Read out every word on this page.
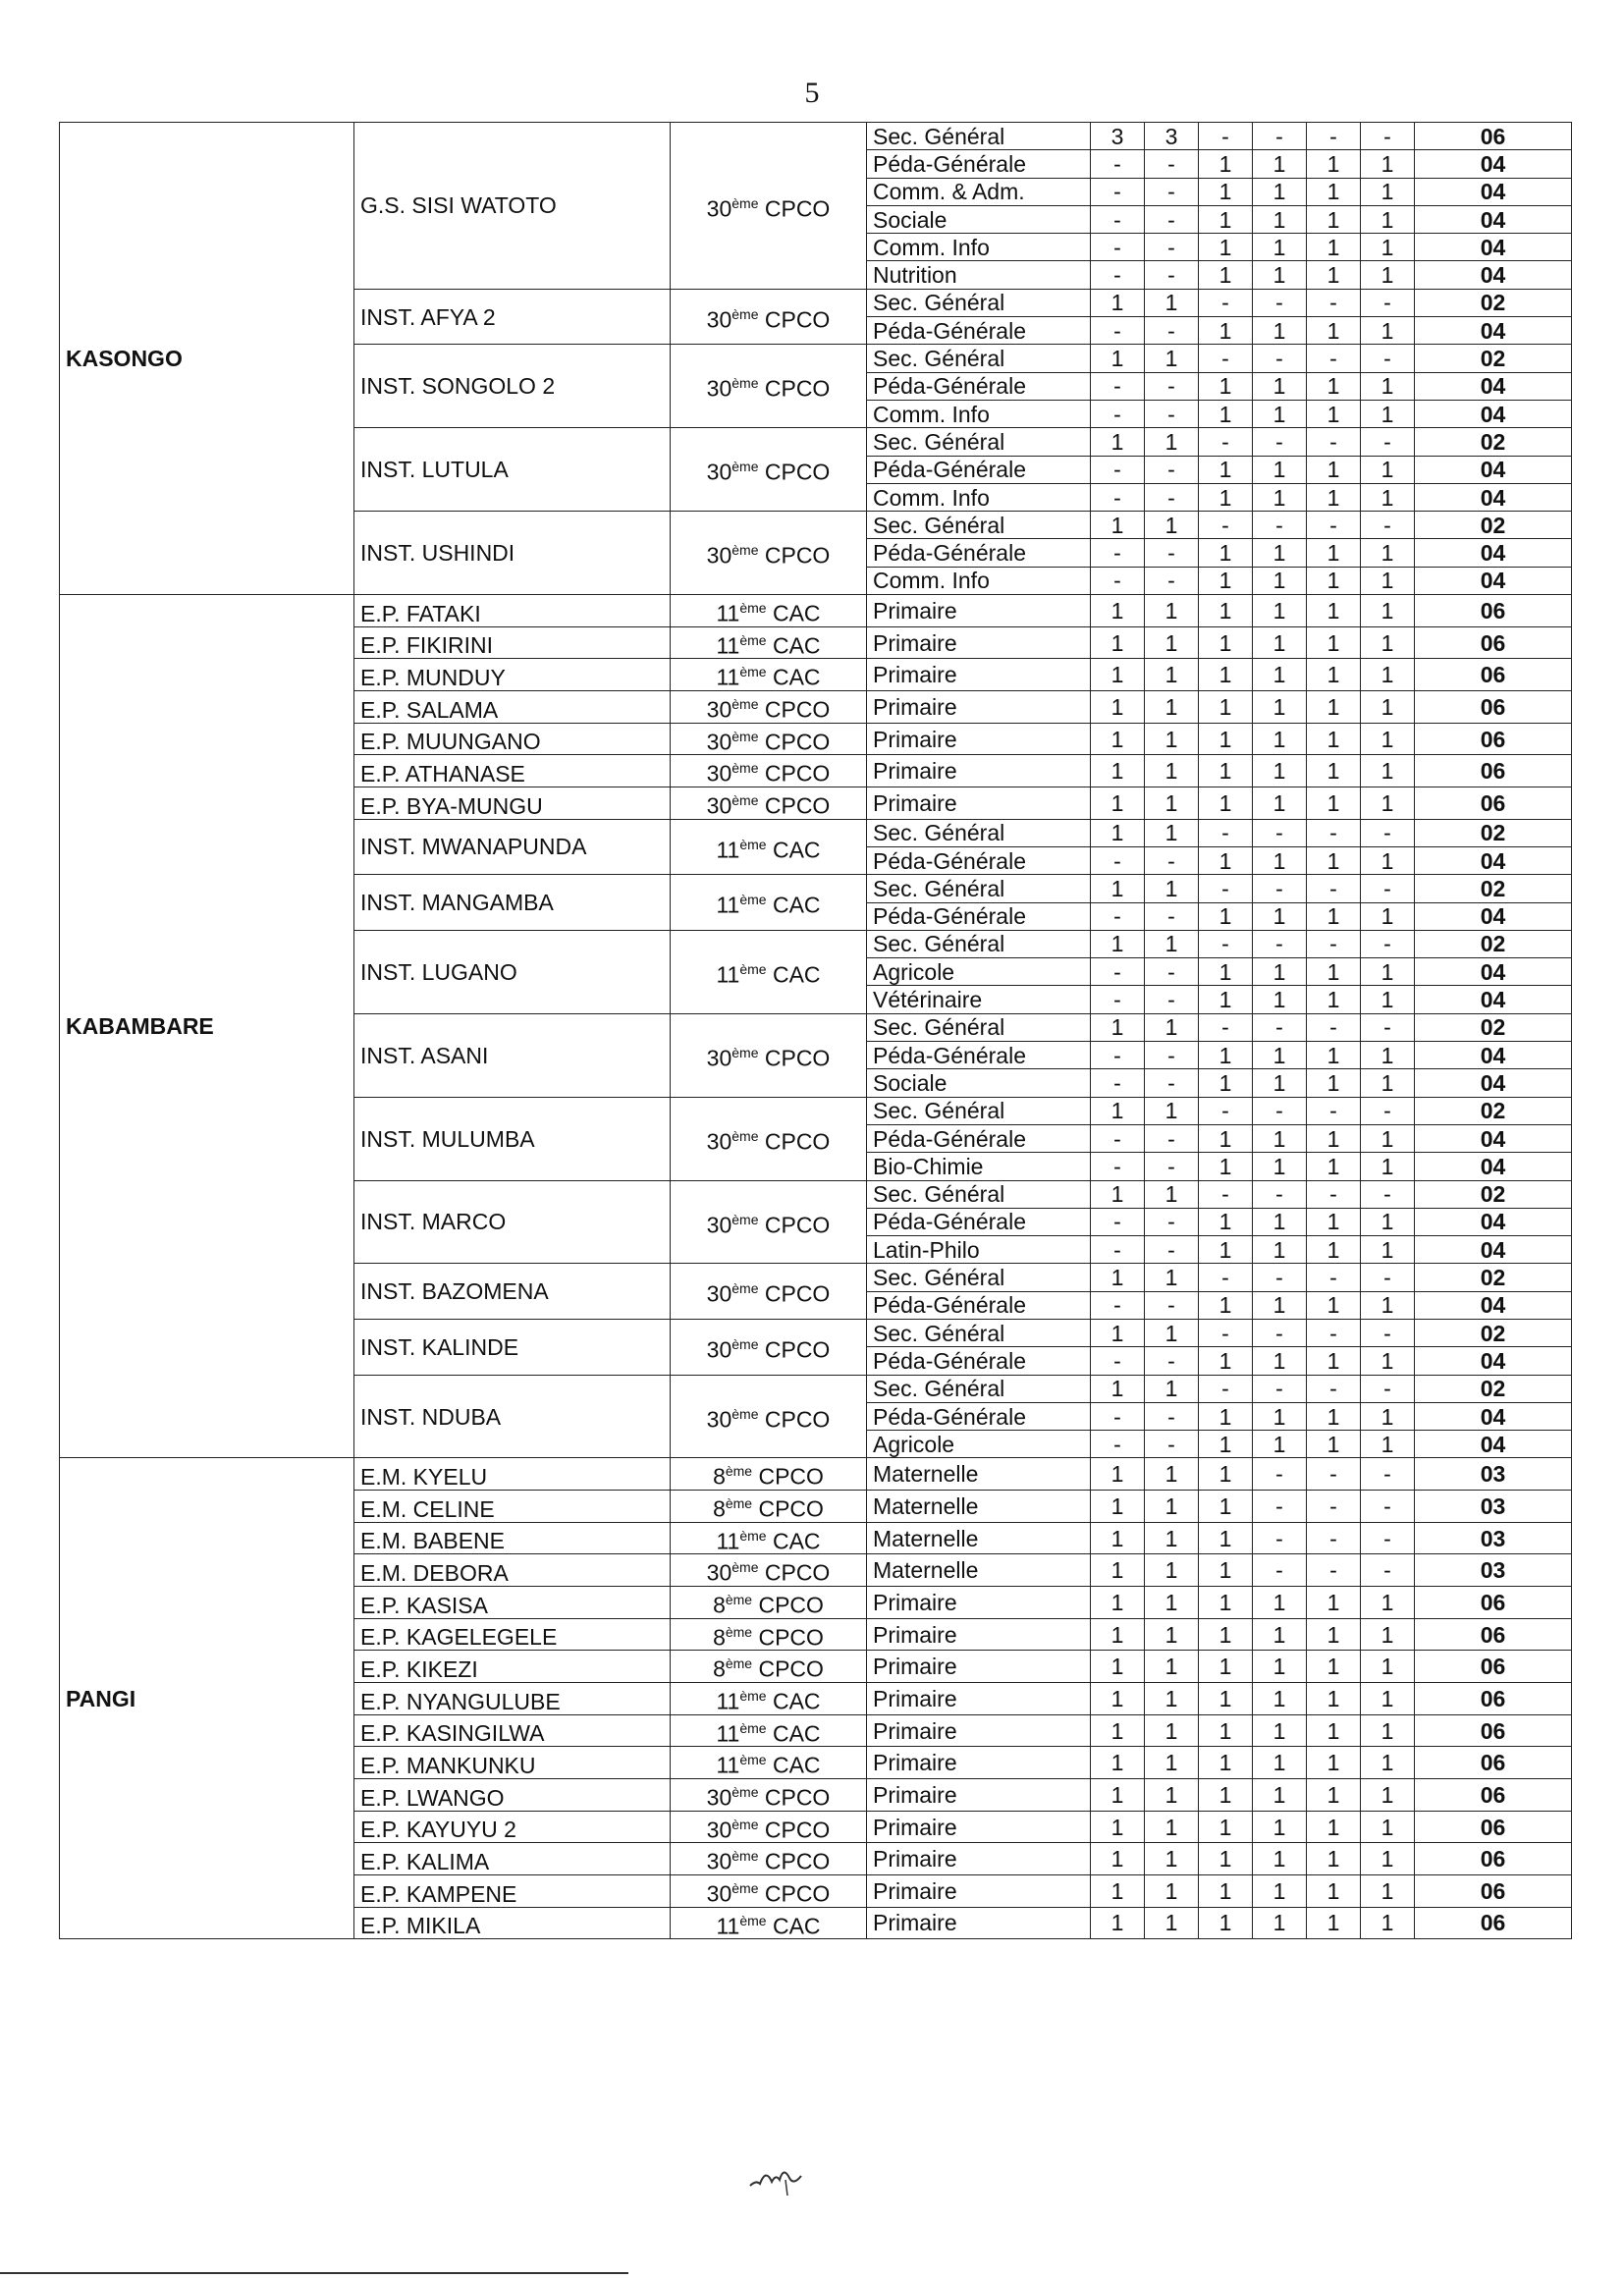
5
KASONGO	G.S. SISI WATOTO	30ème CPCO	Sec. Général	3	3	-	-	-	-	06
			Péda-Générale	-	-	1	1	1	1	04
			Comm. & Adm.	-	-	1	1	1	1	04
			Sociale	-	-	1	1	1	1	04
			Comm. Info	-	-	1	1	1	1	04
			Nutrition	-	-	1	1	1	1	04
	INST. AFYA 2	30ème CPCO	Sec. Général	1	1	-	-	-	-	02
			Péda-Générale	-	-	1	1	1	1	04
	INST. SONGOLO 2	30ème CPCO	Sec. Général	1	1	-	-	-	-	02
			Péda-Générale	-	-	1	1	1	1	04
			Comm. Info	-	-	1	1	1	1	04
	INST. LUTULA	30ème CPCO	Sec. Général	1	1	-	-	-	-	02
			Péda-Générale	-	-	1	1	1	1	04
			Comm. Info	-	-	1	1	1	1	04
	INST. USHINDI	30ème CPCO	Sec. Général	1	1	-	-	-	-	02
			Péda-Générale	-	-	1	1	1	1	04
			Comm. Info	-	-	1	1	1	1	04
KABAMBARE	E.P. FATAKI	11ème CAC	Primaire	1	1	1	1	1	1	06
	E.P. FIKIRINI	11ème CAC	Primaire	1	1	1	1	1	1	06
	E.P. MUNDUY	11ème CAC	Primaire	1	1	1	1	1	1	06
	E.P. SALAMA	30ème CPCO	Primaire	1	1	1	1	1	1	06
	E.P. MUUNGANO	30ème CPCO	Primaire	1	1	1	1	1	1	06
	E.P. ATHANASE	30ème CPCO	Primaire	1	1	1	1	1	1	06
	E.P. BYA-MUNGU	30ème CPCO	Primaire	1	1	1	1	1	1	06
	INST. MWANAPUNDA	11ème CAC	Sec. Général	1	1	-	-	-	-	02
			Péda-Générale	-	-	1	1	1	1	04
	INST. MANGAMBA	11ème CAC	Sec. Général	1	1	-	-	-	-	02
			Péda-Générale	-	-	1	1	1	1	04
	INST. LUGANO	11ème CAC	Sec. Général	1	1	-	-	-	-	02
			Agricole	-	-	1	1	1	1	04
			Vétérinaire	-	-	1	1	1	1	04
	INST. ASANI	30ème CPCO	Sec. Général	1	1	-	-	-	-	02
			Péda-Générale	-	-	1	1	1	1	04
			Sociale	-	-	1	1	1	1	04
	INST. MULUMBA	30ème CPCO	Sec. Général	1	1	-	-	-	-	02
			Péda-Générale	-	-	1	1	1	1	04
			Bio-Chimie	-	-	1	1	1	1	04
	INST. MARCO	30ème CPCO	Sec. Général	1	1	-	-	-	-	02
			Péda-Générale	-	-	1	1	1	1	04
			Latin-Philo	-	-	1	1	1	1	04
	INST. BAZOMENA	30ème CPCO	Sec. Général	1	1	-	-	-	-	02
			Péda-Générale	-	-	1	1	1	1	04
	INST. KALINDE	30ème CPCO	Sec. Général	1	1	-	-	-	-	02
			Péda-Générale	-	-	1	1	1	1	04
	INST. NDUBA	30ème CPCO	Sec. Général	1	1	-	-	-	-	02
			Péda-Générale	-	-	1	1	1	1	04
			Agricole	-	-	1	1	1	1	04
PANGI	E.M. KYELU	8ème CPCO	Maternelle	1	1	1	-	-	-	03
	E.M. CELINE	8ème CPCO	Maternelle	1	1	1	-	-	-	03
	E.M. BABENE	11ème CAC	Maternelle	1	1	1	-	-	-	03
	E.M. DEBORA	30ème CPCO	Maternelle	1	1	1	-	-	-	03
	E.P. KASISA	8ème CPCO	Primaire	1	1	1	1	1	1	06
	E.P. KAGELEGELE	8ème CPCO	Primaire	1	1	1	1	1	1	06
	E.P. KIKEZI	8ème CPCO	Primaire	1	1	1	1	1	1	06
	E.P. NYANGULUBE	11ème CAC	Primaire	1	1	1	1	1	1	06
	E.P. KASINGILWA	11ème CAC	Primaire	1	1	1	1	1	1	06
	E.P. MANKUNKU	11ème CAC	Primaire	1	1	1	1	1	1	06
	E.P. LWANGO	30ème CPCO	Primaire	1	1	1	1	1	1	06
	E.P. KAYUYU 2	30ème CPCO	Primaire	1	1	1	1	1	1	06
	E.P. KALIMA	30ème CPCO	Primaire	1	1	1	1	1	1	06
	E.P. KAMPENE	30ème CPCO	Primaire	1	1	1	1	1	1	06
	E.P. MIKILA	11ème CAC	Primaire	1	1	1	1	1	1	06
